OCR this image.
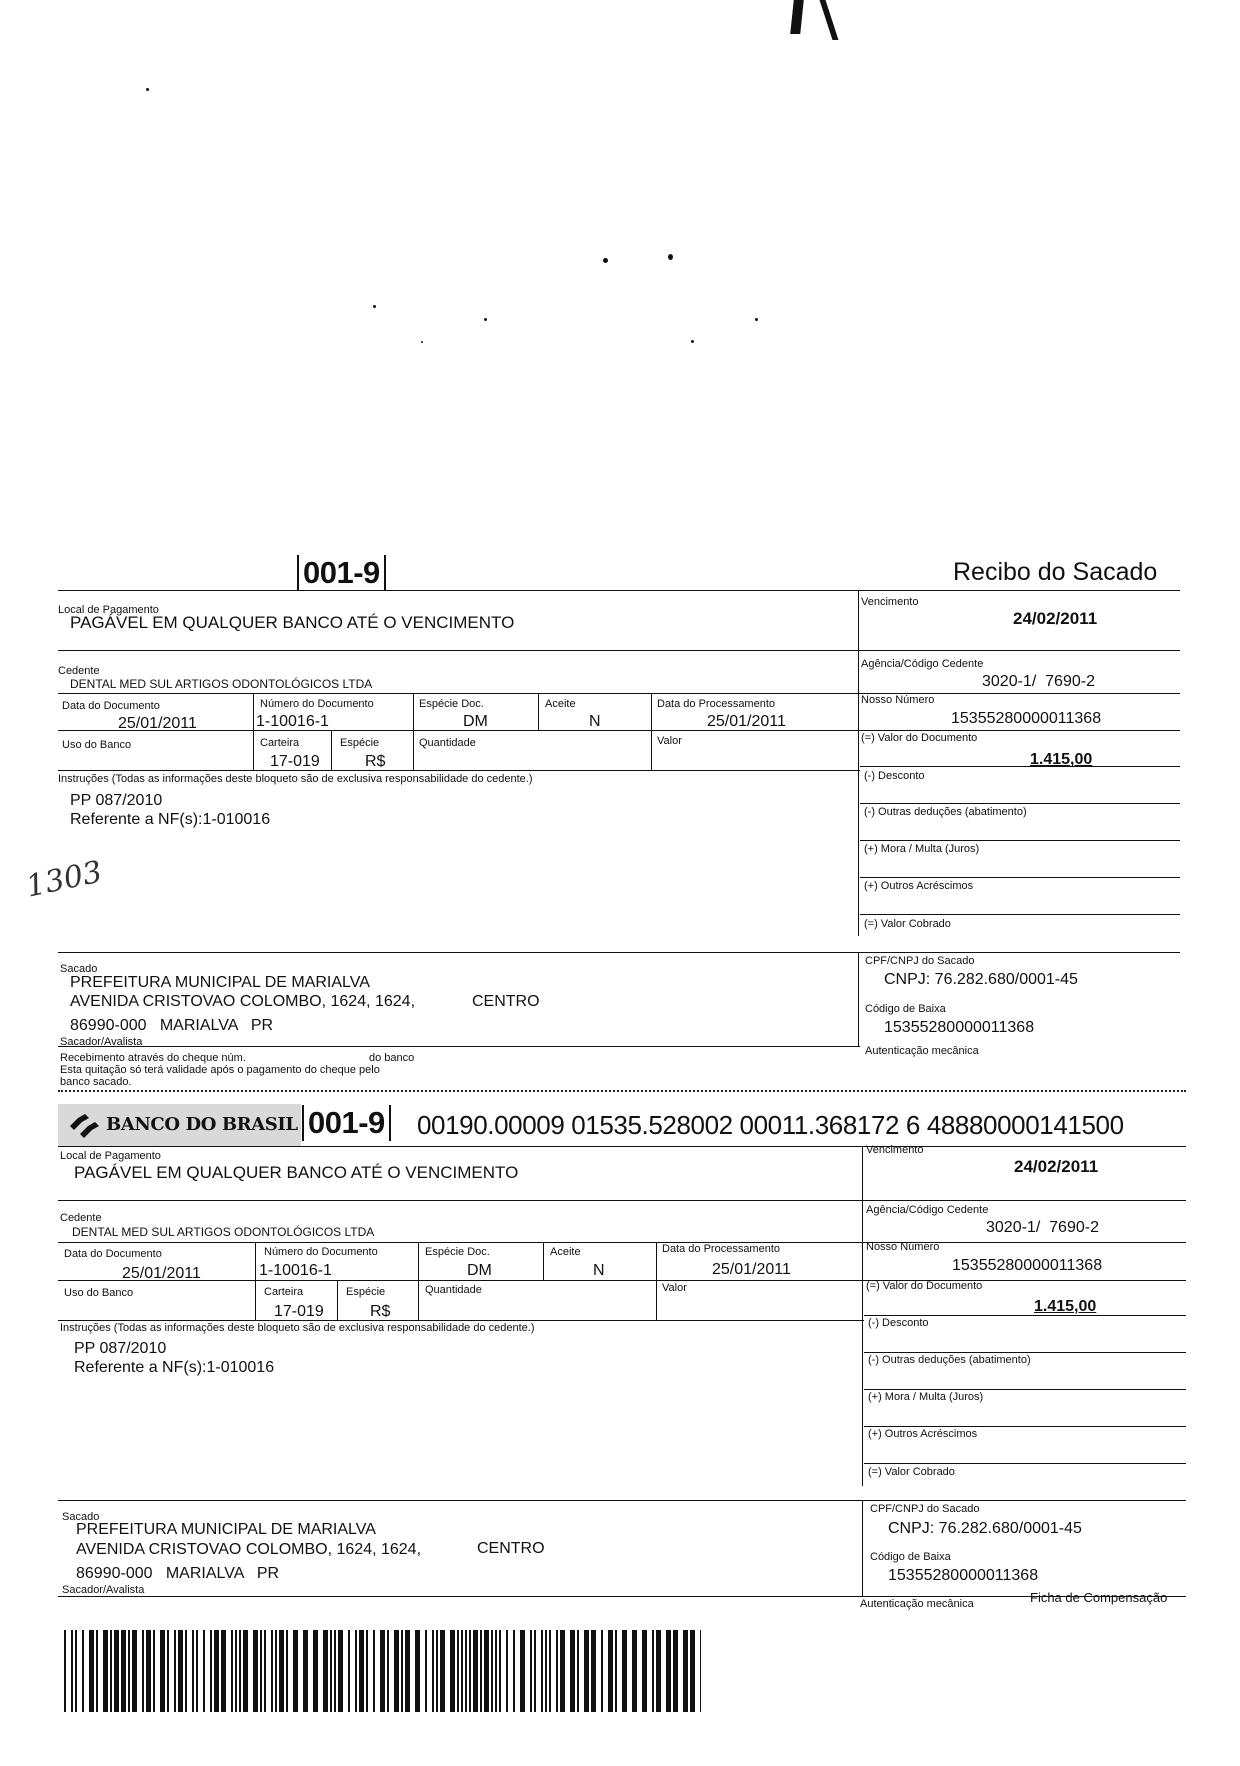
001-9	Recibo do Sacado
Local de Pagamento
PAGÁVEL EM QUALQUER BANCO ATÉ O VENCIMENTO
Vencimento
24/02/2011
Cedente
DENTAL MED SUL ARTIGOS ODONTOLÓGICOS LTDA
Agência/Código Cedente
3020-1/  7690-2
Data do Documento
25/01/2011
Número do Documento
1-10016-1
Espécie Doc.
DM
Aceite
N
Data do Processamento
25/01/2011
Nosso Número
15355280000011368
Uso do Banco	Carteira
17-019
Espécie
R$
Quantidade	Valor	(=) Valor do Documento
1.415,00
Instruções (Todas as informações deste bloqueto são de exclusiva responsabilidade do cedente.)
PP 087/2010
Referente a NF(s):1-010016
(-) Desconto
(-) Outras deduções (abatimento)
(+) Mora / Multa (Juros)
(+) Outros Acréscimos
(=) Valor Cobrado
1303
Sacado
PREFEITURA MUNICIPAL DE MARIALVA
AVENIDA CRISTOVAO COLOMBO, 1624, 1624,	CENTRO
86990-000   MARIALVA   PR
Sacador/Avalista
CPF/CNPJ do Sacado
CNPJ: 76.282.680/0001-45
Código de Baixa
15355280000011368
Autenticação mecânica
Recebimento através do cheque núm.	do banco
Esta quitação só terá validade após o pagamento do cheque pelo
banco sacado.
BANCO DO BRASIL 001-9 00190.00009 01535.528002 00011.368172 6 48880000141500
Local de Pagamento
PAGÁVEL EM QUALQUER BANCO ATÉ O VENCIMENTO
Vencimento
24/02/2011
Cedente
DENTAL MED SUL ARTIGOS ODONTOLÓGICOS LTDA
Agência/Código Cedente
3020-1/  7690-2
Data do Documento
25/01/2011
Número do Documento
1-10016-1
Espécie Doc.
DM
Aceite
N
Data do Processamento
25/01/2011
Nosso Número
15355280000011368
Uso do Banco	Carteira
17-019
Espécie
R$
Quantidade	Valor	(=) Valor do Documento
1.415,00
Instruções (Todas as informações deste bloqueto são de exclusiva responsabilidade do cedente.)
PP 087/2010
Referente a NF(s):1-010016
(-) Desconto
(-) Outras deduções (abatimento)
(+) Mora / Multa (Juros)
(+) Outros Acréscimos
(=) Valor Cobrado
Sacado
PREFEITURA MUNICIPAL DE MARIALVA
AVENIDA CRISTOVAO COLOMBO, 1624, 1624,	CENTRO
86990-000   MARIALVA   PR
Sacador/Avalista
CPF/CNPJ do Sacado
CNPJ: 76.282.680/0001-45
Código de Baixa
15355280000011368
Autenticação mecânica	Ficha de Compensação
